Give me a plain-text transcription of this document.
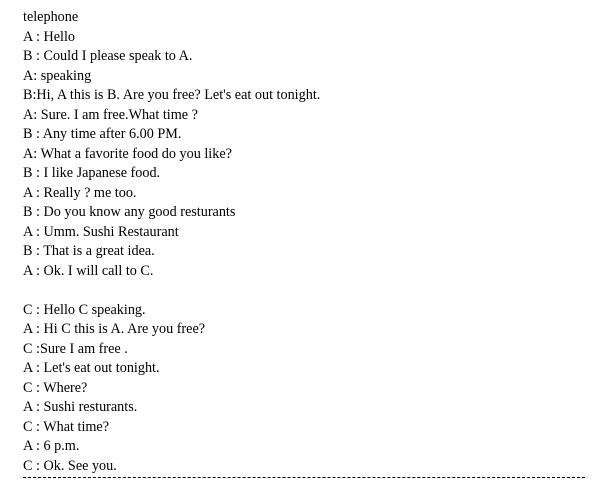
telephone
A : Hello
B : Could I please speak to A.
A: speaking
B:Hi, A this is B. Are you free? Let's eat out tonight.
A: Sure. I am free.What time ?
B : Any time after 6.00 PM.
A: What a favorite food do you like?
B : I like Japanese food.
A : Really ? me too.
B : Do you know any good resturants
A : Umm. Sushi Restaurant
B : That is a great idea.
A : Ok. I will call to C.
C : Hello C speaking.
A : Hi C this is A. Are you free?
C :Sure I am free .
A : Let's eat out tonight.
C : Where?
A : Sushi resturants.
C : What time?
A : 6 p.m.
C : Ok. See you.
